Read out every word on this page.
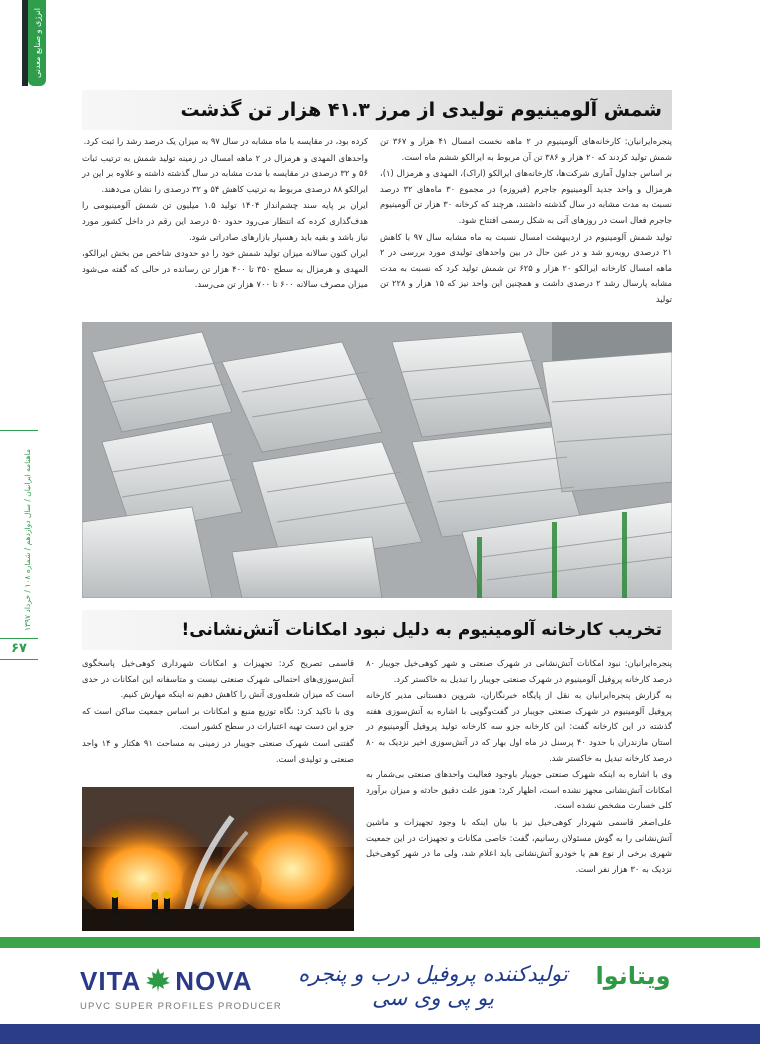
انرژی و صنایع معدنی
ماهنامه ایرانیان / سال دوازدهم / شماره ۱۰۸ / خرداد ۱۳۹۷
۶۷
شمش آلومینیوم تولیدی از مرز ۴۱.۳ هزار تن گذشت

پنجره‌ایرانیان: کارخانه‌های آلومینیوم در ۲ ماهه نخست امسال ۴۱ هزار و ۳۶۷ تن شمش تولید کردند که ۲۰ هزار و ۳۸۶ تن آن مربوط به ایرالکو ششم ماه است.

بر اساس جداول آماری شرکت‌ها، کارخانه‌های ایرالکو (اراک)، المهدی و هرمزال (۱)، هرمزال و واحد جدید آلومینیوم جاجرم (فیروزه) در مجموع ۳۰ ماه‌های ۳۲ درصد نسبت به مدت مشابه در سال گذشته داشتند، هرچند که کرخانه ۳۰ هزار تن آلومینیوم جاجرم فعال است در روزهای آتی به شکل رسمی افتتاح شود.

تولید شمش آلومینیوم در اردیبهشت امسال نسبت به ماه مشابه سال ۹۷ با کاهش ۲۱ درصدی روبه‌رو شد و در عین حال در بین واحدهای تولیدی مورد بررسی در ۲ ماهه امسال کارخانه ایرالکو ۲۰ هزار و ۶۲۵ تن شمش تولید کرد که نسبت به مدت مشابه پارسال رشد ۲ درصدی داشت و همچنین این واحد نیز که ۱۵ هزار و ۲۲۸ تن تولید

کرده بود، در مقایسه با ماه مشابه در سال ۹۷ به میزان یک درصد رشد را ثبت کرد.

واحدهای المهدی و هرمزال در ۲ ماهه امسال در زمینه تولید شمش به ترتیب ثبات ۵۶ و ۳۲ درصدی در مقایسه با مدت مشابه در سال گذشته داشته و علاوه بر این در ایرالکو ۸۸ درصدی مربوط به ترتیب کاهش ۵۴ و ۳۲ درصدی را نشان می‌دهند.

ایران بر پایه سند چشم‌انداز ۱۴۰۴ تولید ۱.۵ میلیون تن شمش آلومینیومی را هدف‌گذاری کرده که انتظار می‌رود حدود ۵۰ درصد این رقم در داخل کشور مورد نیاز باشد و بقیه باید رهسپار بازارهای صادراتی شود.

ایران کنون سالانه میزان تولید شمش خود را دو حدودی شاخص من بخش ایرالکو، المهدی و هرمزال به سطح ۳۵۰ تا ۴۰۰ هزار تن رسانده در حالی که گفته می‌شود میزان مصرف سالانه ۶۰۰ تا ۷۰۰ هزار تن می‌رسد.

تخریب کارخانه آلومینیوم به دلیل نبود امکانات آتش‌نشانی!

پنجره‌ایرانیان: نبود امکانات آتش‌نشانی در شهرک صنعتی و شهر کوهی‌خیل جویبار ۸۰ درصد کارخانه پروفیل آلومینیوم در شهرک صنعتی جویبار را تبدیل به خاکستر کرد.

به گزارش پنجره‌ایرانیان به نقل از پایگاه خبرنگاران، شروین دهستانی مدیر کارخانه پروفیل آلومینیوم در شهرک صنعتی جویبار در گفت‌وگویی با اشاره به آتش‌سوزی هفته گذشته در این کارخانه گفت: این کارخانه جزو سه کارخانه تولید پروفیل آلومینیوم در استان مازندران با حدود ۴۰ پرسنل در ماه اول بهار که در آتش‌سوزی اخیر نزدیک به ۸۰ درصد کارخانه تبدیل به خاکستر شد.

وی با اشاره به اینکه شهرک صنعتی جویبار باوجود فعالیت واحدهای صنعتی بی‌شمار به امکانات آتش‌نشانی مجهز نشده است، اظهار کرد: هنوز علت دقیق حادثه و میزان برآورد کلی خسارت مشخص نشده است.

علی‌اصغر قاسمی شهردار کوهی‌خیل نیز با بیان اینکه با وجود تجهیزات و ماشین آتش‌نشانی را به گوش مسئولان رسانیم، گفت: خاصی مکانات و تجهیزات در این جمعیت شهری برخی از نوع هم یا خودرو آتش‌نشانی باید اعلام شد، ولی ما در شهر کوهی‌خیل نزدیک به ۳۰ هزار نفر است.

قاسمی تصریح کرد: تجهیزات و امکانات شهرداری کوهی‌خیل پاسخگوی آتش‌سوزی‌های احتمالی شهرک صنعتی نیست و متاسفانه این امکانات در حدی است که میزان شعله‌وری آتش را کاهش دهیم نه اینکه مهارش کنیم.

وی با تاکید کرد: نگاه توزیع منبع و امکانات بر اساس جمعیت ساکن است که جزو این دست تهیه اعتبارات در سطح کشور است.

گفتنی است شهرک صنعتی جویبار در زمینی به مساحت ۹۱ هکتار و ۱۴ واحد صنعتی و تولیدی است.

VITA NOVA
UPVC SUPER PROFILES PRODUCER
تولیدکننده پروفیل درب و پنجره یو پی وی سی
ویتانوا
